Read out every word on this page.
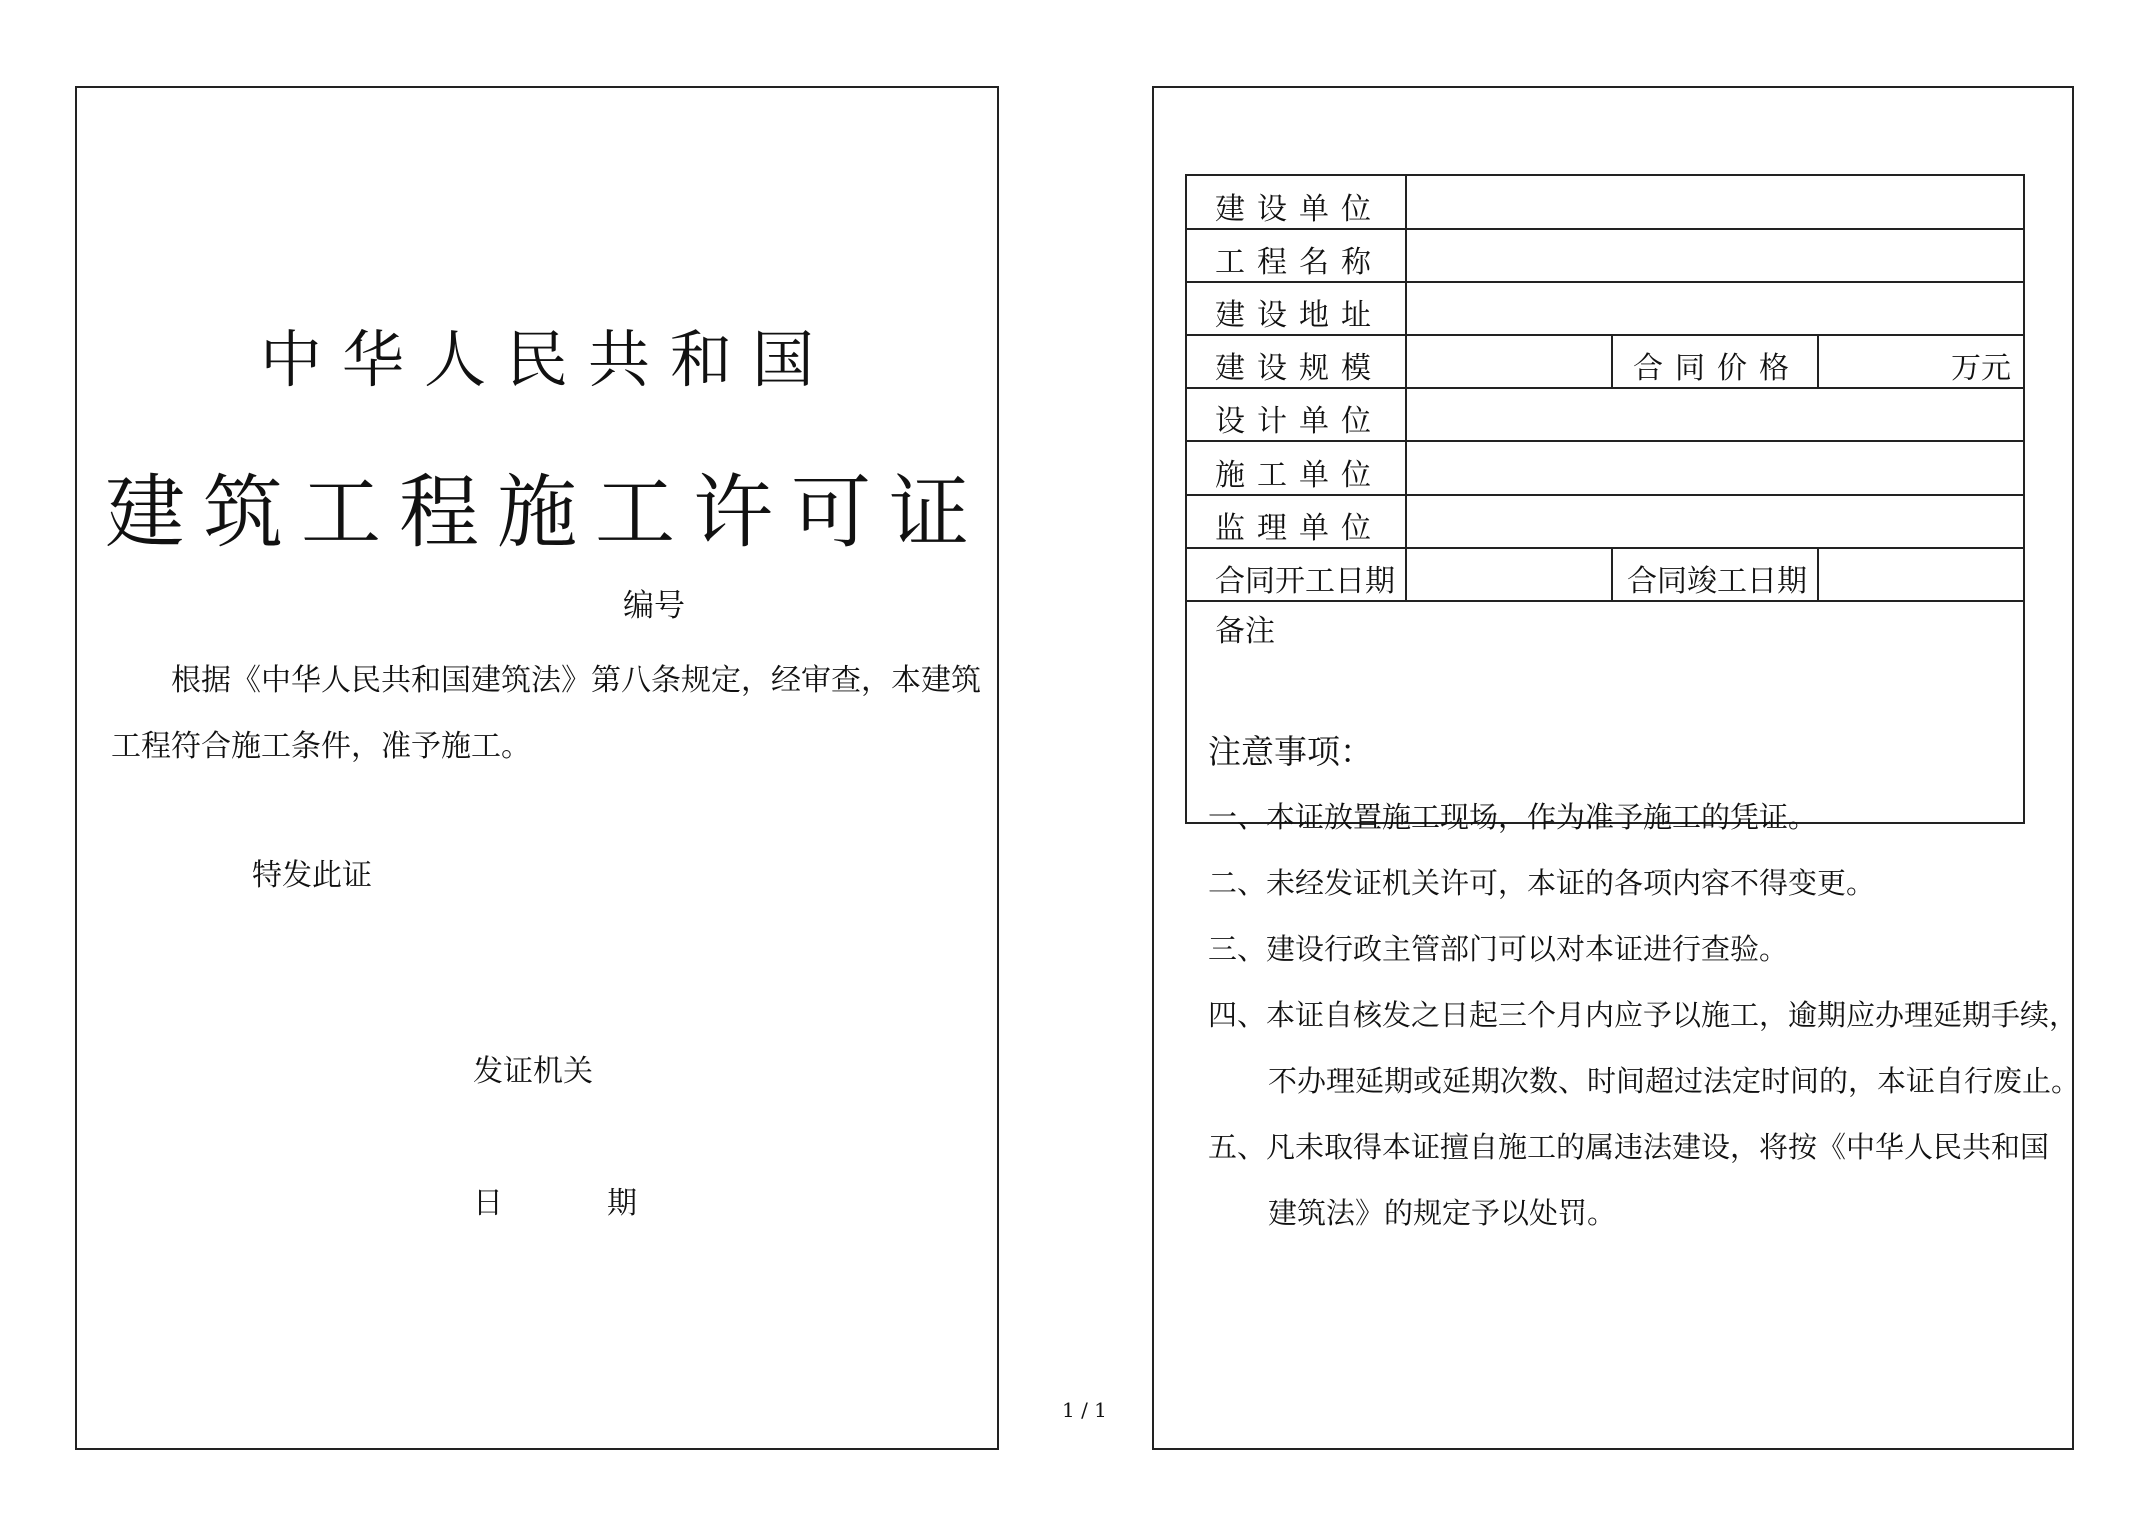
中华人民共和国
建筑工程施工许可证
编号
根据《中华人民共和国建筑法》第八条规定，经审查，本建筑工程符合施工条件，准予施工。
特发此证
发证机关
日	期
1 / 1
建设单位
工程名称
建设地址
建设规模	合同价格	万元
设计单位
施工单位
监理单位
合同开工日期	合同竣工日期
备注
注意事项：
一、本证放置施工现场，作为准予施工的凭证。
二、未经发证机关许可，本证的各项内容不得变更。
三、建设行政主管部门可以对本证进行查验。
四、本证自核发之日起三个月内应予以施工，逾期应办理延期手续，
不办理延期或延期次数、时间超过法定时间的，本证自行废止。
五、凡未取得本证擅自施工的属违法建设，将按《中华人民共和国
建筑法》的规定予以处罚。
